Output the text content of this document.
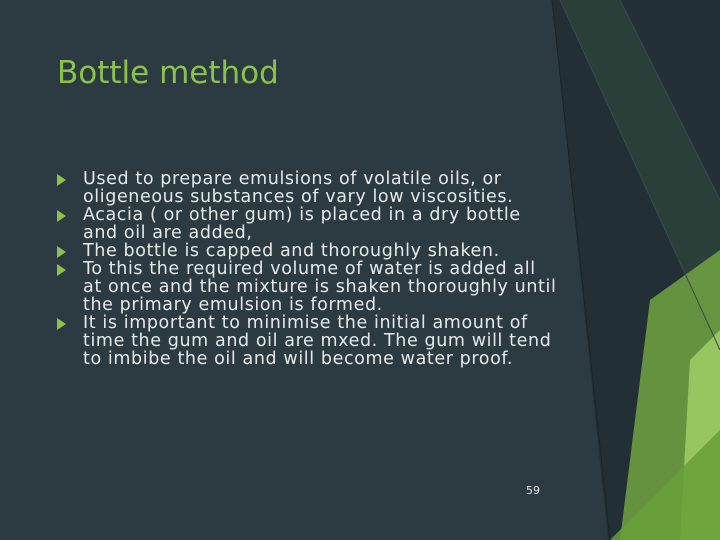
Bottle method
Used to prepare emulsions of volatile oils, or oligeneous substances of vary low viscosities.
Acacia ( or other gum) is placed in a dry bottle and oil are added,
The bottle is capped and thoroughly shaken.
To this the required volume of water is added all at once and the mixture is shaken thoroughly until the primary emulsion is formed.
It is important to minimise the initial amount of time the gum and oil are mxed. The gum will tend to imbibe the oil and will become water proof.
59
